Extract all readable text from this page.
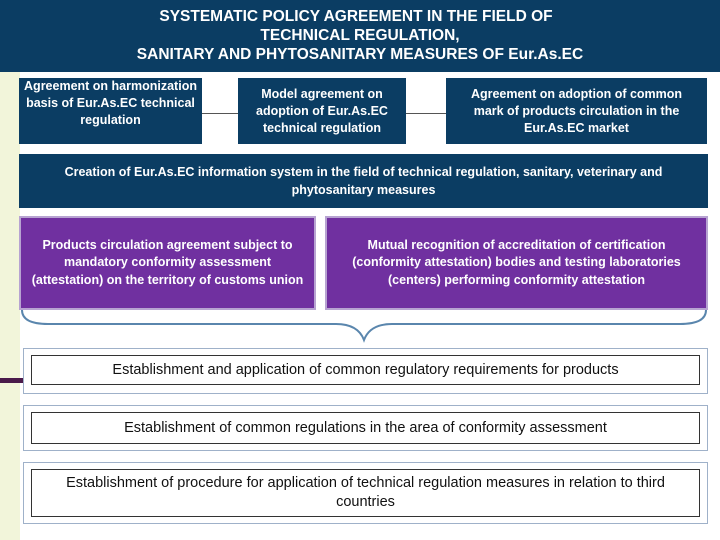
SYSTEMATIC POLICY AGREEMENT IN THE FIELD OF
TECHNICAL REGULATION,
SANITARY AND PHYTOSANITARY MEASURES OF Eur.As.EC
Agreement on harmonization basis of Eur.As.EC technical regulation
Model agreement on adoption of Eur.As.EC technical regulation
Agreement on adoption of common mark of products circulation in the Eur.As.EC market
Creation of Eur.As.EC information system in the field of technical regulation, sanitary, veterinary and phytosanitary measures
Products circulation agreement subject to mandatory conformity assessment (attestation) on the territory of customs union
Mutual recognition of accreditation of certification (conformity attestation) bodies and testing laboratories (centers) performing conformity attestation
Establishment and application of common regulatory requirements for products
Establishment of common regulations in the area of conformity assessment
Establishment of procedure for application of technical regulation measures in relation to third countries
